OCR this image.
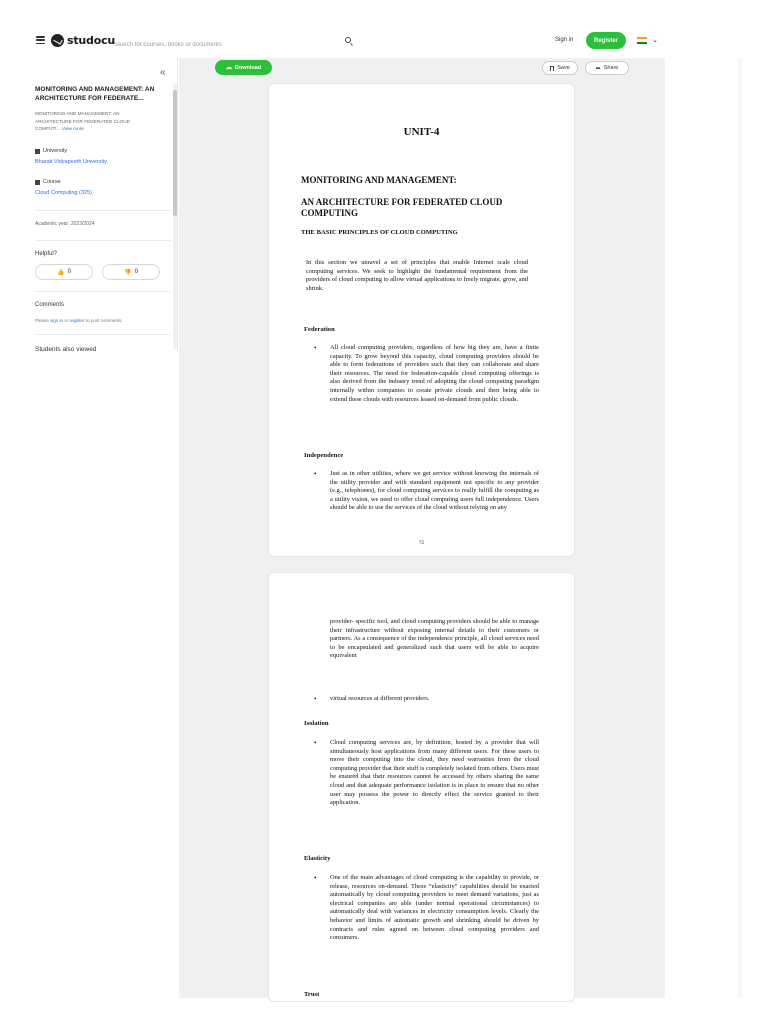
studocu
Search for courses, books or documents	Sign in	Register	⌄
«
MONITORING AND MANAGEMENT: AN ARCHITECTURE FOR FEDERATE...
MONITORING AND MANAGEMENT: AN ARCHITECTURE FOR FEDERATED CLOUD COMPUTI... View more
University
Bharati Vidyapeeth University
Course
Cloud Computing (325)
Academic year: 2023/2024
Helpful?
👍 0	👎 0
Comments
Please sign in or register to post comments.
Students also viewed
☁ Download	Save	➦ Share
UNIT-4
MONITORING AND MANAGEMENT:
AN ARCHITECTURE FOR FEDERATED CLOUD COMPUTING
THE BASIC PRINCIPLES OF CLOUD COMPUTING
In this section we unravel a set of principles that enable Internet scale cloud computing services. We seek to highlight the fundamental requirement from the providers of cloud computing to allow virtual applications to freely migrate, grow, and shrink.
Federation
• All cloud computing providers, regardless of how big they are, have a finite capacity. To grow beyond this capacity, cloud computing providers should be able to form federations of providers such that they can collaborate and share their resources. The need for federation-capable cloud computing offerings is also derived from the industry trend of adopting the cloud computing paradigm internally within companies to create private clouds and then being able to extend these clouds with resources leased on-demand from public clouds.
Independence
• Just as in other utilities, where we get service without knowing the internals of the utility provider and with standard equipment not specific to any provider (e.g., telephones), for cloud computing services to really fulfill the computing as a utility vision, we need to offer cloud computing users full independence. Users should be able to use the services of the cloud without relying on any
72
provider- specific tool, and cloud computing providers should be able to manage their infrastructure without exposing internal details to their customers or partners. As a consequence of the independence principle, all cloud services need to be encapsulated and generalized such that users will be able to acquire equivalent
• virtual resources at different providers.
Isolation
• Cloud computing services are, by definition, hosted by a provider that will simultaneously host applications from many different users. For these users to move their computing into the cloud, they need warranties from the cloud computing provider that their stuff is completely isolated from others. Users must be ensured that their resources cannot be accessed by others sharing the same cloud and that adequate performance isolation is in place to ensure that no other user may possess the power to directly effect the service granted to their application.
Elasticity
• One of the main advantages of cloud computing is the capability to provide, or release, resources on-demand. These “elasticity” capabilities should be enacted automatically by cloud computing providers to meet demand variations, just as electrical companies are able (under normal operational circumstances) to automatically deal with variances in electricity consumption levels. Clearly the behavior and limits of automatic growth and shrinking should be driven by contracts and rules agreed on between cloud computing providers and consumers.
Trust
